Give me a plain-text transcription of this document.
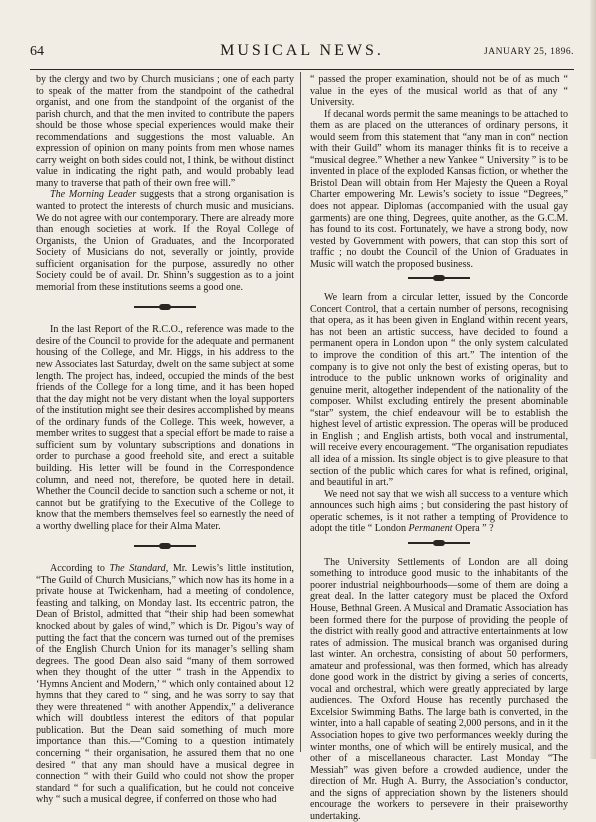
64	MUSICAL NEWS.	JANUARY 25, 1896.

by the clergy and two by Church musicians ; one of each party to speak of the matter from the standpoint of the cathedral organist, and one from the standpoint of the organist of the parish church, and that the men invited to contribute the papers should be those whose special experiences would make their recommendations and suggestions the most valuable. An expression of opinion on many points from men whose names carry weight on both sides could not, I think, be without distinct value in indicating the right path, and would probably lead many to traverse that path of their own free will.”

The Morning Leader suggests that a strong organisation is wanted to protect the interests of church music and musicians. We do not agree with our contemporary. There are already more than enough societies at work. If the Royal College of Organists, the Union of Graduates, and the Incorporated Society of Musicians do not, severally or jointly, provide sufficient organisation for the purpose, assuredly no other Society could be of avail. Dr. Shinn’s suggestion as to a joint memorial from these institutions seems a good one.

In the last Report of the R.C.O., reference was made to the desire of the Council to provide for the adequate and permanent housing of the College, and Mr. Higgs, in his address to the new Associates last Saturday, dwelt on the same subject at some length. The project has, indeed, occupied the minds of the best friends of the College for a long time, and it has been hoped that the day might not be very distant when the loyal supporters of the institution might see their desires accomplished by means of the ordinary funds of the College. This week, however, a member writes to suggest that a special effort be made to raise a sufficient sum by voluntary subscriptions and donations in order to purchase a good freehold site, and erect a suitable building. His letter will be found in the Correspondence column, and need not, therefore, be quoted here in detail. Whether the Council decide to sanction such a scheme or not, it cannot but be gratifying to the Executive of the College to know that the members themselves feel so earnestly the need of a worthy dwelling place for their Alma Mater.

According to The Standard, Mr. Lewis’s little institution, “The Guild of Church Musicians,” which now has its home in a private house at Twickenham, had a meeting of condolence, feasting and talking, on Monday last. Its eccentric patron, the Dean of Bristol, admitted that “their ship had been somewhat knocked about by gales of wind,” which is Dr. Pigou’s way of putting the fact that the concern was turned out of the premises of the English Church Union for its manager’s selling sham degrees. The good Dean also said “many of them sorrowed when they thought of the utter “ trash in the Appendix to ‘Hymns Ancient and Modern,’ “ which only contained about 12 hymns that they cared to “ sing, and he was sorry to say that they were threatened “ with another Appendix,” a deliverance which will doubtless interest the editors of that popular publication. But the Dean said something of much more importance than this.—“Coming to a question intimately concerning “ their organisation, he assured them that no one desired “ that any man should have a musical degree in connection “ with their Guild who could not show the proper standard “ for such a qualification, but he could not conceive why “ such a musical degree, if conferred on those who had

“ passed the proper examination, should not be of as much “ value in the eyes of the musical world as that of any “ University.

If decanal words permit the same meanings to be attached to them as are placed on the utterances of ordinary persons, it would seem from this statement that “any man in con“ nection with their Guild” whom its manager thinks fit is to receive a “musical degree.” Whether a new Yankee “ University ” is to be invented in place of the exploded Kansas fiction, or whether the Bristol Dean will obtain from Her Majesty the Queen a Royal Charter empowering Mr. Lewis’s society to issue “Degrees,” does not appear. Diplomas (accompanied with the usual gay garments) are one thing, Degrees, quite another, as the G.C.M. has found to its cost. Fortunately, we have a strong body, now vested by Government with powers, that can stop this sort of traffic ; no doubt the Council of the Union of Graduates in Music will watch the proposed business.

We learn from a circular letter, issued by the Concorde Concert Control, that a certain number of persons, recognising that opera, as it has been given in England within recent years, has not been an artistic success, have decided to found a permanent opera in London upon “ the only system calculated to improve the condition of this art.” The intention of the company is to give not only the best of existing operas, but to introduce to the public unknown works of originality and genuine merit, altogether independent of the nationality of the composer. Whilst excluding entirely the present abominable “star” system, the chief endeavour will be to establish the highest level of artistic expression. The operas will be produced in English ; and English artists, both vocal and instrumental, will receive every encouragement. “The organisation repudiates all idea of a mission. Its single object is to give pleasure to that section of the public which cares for what is refined, original, and beautiful in art.”

We need not say that we wish all success to a venture which announces such high aims ; but considering the past history of operatic schemes, is it not rather a tempting of Providence to adopt the title “ London Permanent Opera ” ?

The University Settlements of London are all doing something to introduce good music to the inhabitants of the poorer industrial neighbourhoods—some of them are doing a great deal. In the latter category must be placed the Oxford House, Bethnal Green. A Musical and Dramatic Association has been formed there for the purpose of providing the people of the district with really good and attractive entertainments at low rates of admission. The musical branch was organised during last winter. An orchestra, consisting of about 50 performers, amateur and professional, was then formed, which has already done good work in the district by giving a series of concerts, vocal and orchestral, which were greatly appreciated by large audiences. The Oxford House has recently purchased the Excelsior Swimming Baths. The large bath is converted, in the winter, into a hall capable of seating 2,000 persons, and in it the Association hopes to give two performances weekly during the winter months, one of which will be entirely musical, and the other of a miscellaneous character. Last Monday “The Messiah” was given before a crowded audience, under the direction of Mr. Hugh A. Burry, the Association’s conductor, and the signs of appreciation shown by the listeners should encourage the workers to persevere in their praiseworthy undertaking.
